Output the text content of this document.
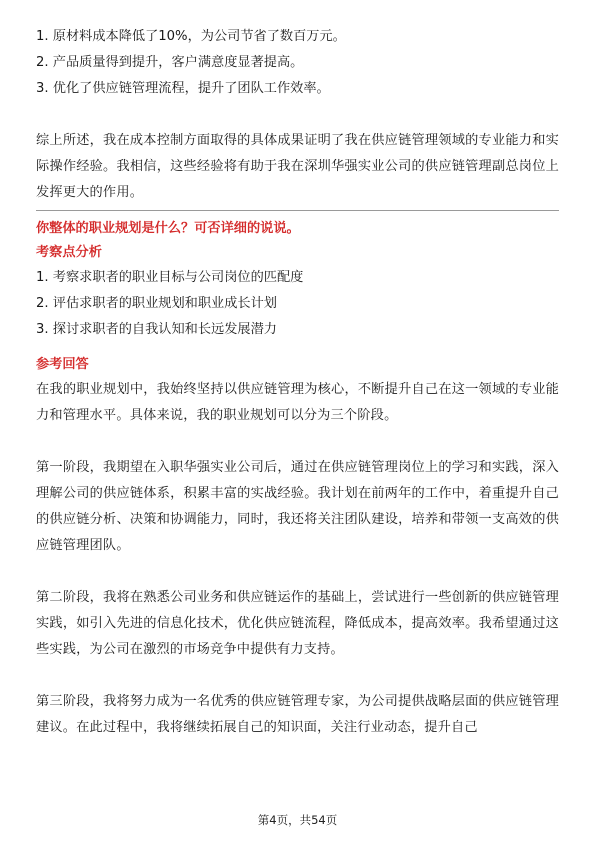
1. 原材料成本降低了10%，为公司节省了数百万元。

2. 产品质量得到提升，客户满意度显著提高。

3. 优化了供应链管理流程，提升了团队工作效率。

综上所述，我在成本控制方面取得的具体成果证明了我在供应链管理领域的专业能力和实际操作经验。我相信，这些经验将有助于我在深圳华强实业公司的供应链管理副总岗位上发挥更大的作用。

你整体的职业规划是什么？可否详细的说说。

考察点分析

1. 考察求职者的职业目标与公司岗位的匹配度

2. 评估求职者的职业规划和职业成长计划

3. 探讨求职者的自我认知和长远发展潜力

参考回答

在我的职业规划中，我始终坚持以供应链管理为核心，不断提升自己在这一领域的专业能力和管理水平。具体来说，我的职业规划可以分为三个阶段。

第一阶段，我期望在入职华强实业公司后，通过在供应链管理岗位上的学习和实践，深入理解公司的供应链体系，积累丰富的实战经验。我计划在前两年的工作中，着重提升自己的供应链分析、决策和协调能力，同时，我还将关注团队建设，培养和带领一支高效的供应链管理团队。

第二阶段，我将在熟悉公司业务和供应链运作的基础上，尝试进行一些创新的供应链管理实践，如引入先进的信息化技术，优化供应链流程，降低成本，提高效率。我希望通过这些实践，为公司在激烈的市场竞争中提供有力支持。

第三阶段，我将努力成为一名优秀的供应链管理专家，为公司提供战略层面的供应链管理建议。在此过程中，我将继续拓展自己的知识面，关注行业动态，提升自己

第4页，共54页
